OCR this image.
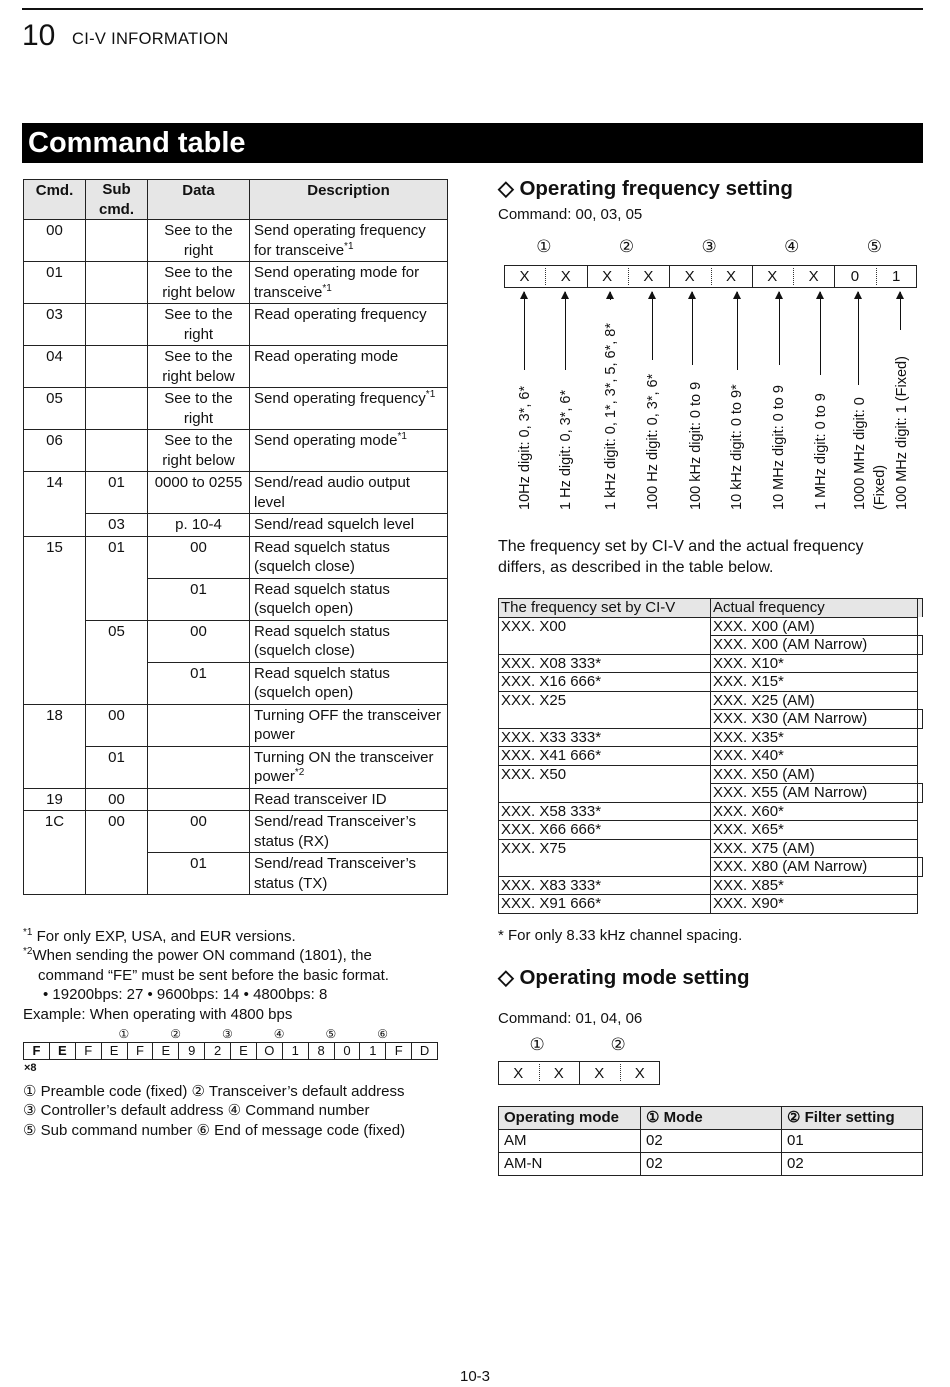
10 CI-V INFORMATION
Command table
Cmd.	Sub cmd.	Data	Description
00		See to the right	Send operating frequency for transceive$^{*1}$
01		See to the right below	Send operating mode for transceive$^{*1}$
03		See to the right	Read operating frequency
04		See to the right below	Read operating mode
05		See to the right	Send operating frequency$^{*1}$
06		See to the right below	Send operating mode$^{*1}$
14	01	0000 to 0255	Send/read audio output level
	03	p. 10-4	Send/read squelch level
15	01	00	Read squelch status (squelch close)
		01	Read squelch status (squelch open)
	05	00	Read squelch status (squelch close)
		01	Read squelch status (squelch open)
18	00		Turning OFF the transceiver power
	01		Turning ON the transceiver power$^{*2}$
19	00		Read transceiver ID
1C	00	00	Send/read Transceiver’s status (RX)
		01	Send/read Transceiver’s status (TX)
$^{*1}$ For only EXP, USA, and EUR versions.
$^{*2}$When sending the power ON command (1801), the
command “FE” must be sent before the basic format.
• 19200bps: 27 • 9600bps: 14 • 4800bps: 8
Example: When operating with 4800 bps
F	E	F	E	F	E	9	2	E	O	1	8	0	1	F	D
①	②	③	④	⑤	⑥
×8
① Preamble code (fixed) ② Transceiver’s default address
③ Controller’s default address ④ Command number
⑤ Sub command number ⑥ End of message code (fixed)
◇ Operating frequency setting
Command: 00, 03, 05
X	X	X	X	X	X	X	X	0	1
①	②	③	④	⑤
10Hz digit: 0, 3*, 6* 1 Hz digit: 0, 3*, 6* 1 kHz digit: 0, 1*, 3*, 5, 6*, 8* 100 Hz digit: 0, 3*, 6* 100 kHz digit: 0 to 9 10 kHz digit: 0 to 9* 10 MHz digit: 0 to 9 1 MHz digit: 0 to 9 1000 MHz digit: 0 (Fixed) 100 MHz digit: 1 (Fixed)
The frequency set by CI-V and the actual frequency
differs, as described in the table below.
The frequency set by CI-V	Actual frequency	
XXX. X00	XXX. X00 (AM)	
	XXX. X00 (AM Narrow)	
XXX. X08 333*	XXX. X10*	
XXX. X16 666*	XXX. X15*	
XXX. X25	XXX. X25 (AM)	
	XXX. X30 (AM Narrow)	
XXX. X33 333*	XXX. X35*	
XXX. X41 666*	XXX. X40*	
XXX. X50	XXX. X50 (AM)	
	XXX. X55 (AM Narrow)	
XXX. X58 333*	XXX. X60*	
XXX. X66 666*	XXX. X65*	
XXX. X75	XXX. X75 (AM)	
	XXX. X80 (AM Narrow)	
XXX. X83 333*	XXX. X85*	
XXX. X91 666*	XXX. X90*	
* For only 8.33 kHz channel spacing.
◇ Operating mode setting
Command: 01, 04, 06
X	X	X	X
①	②
Operating mode	① Mode	② Filter setting
AM	02	01
AM-N	02	02
10-3
